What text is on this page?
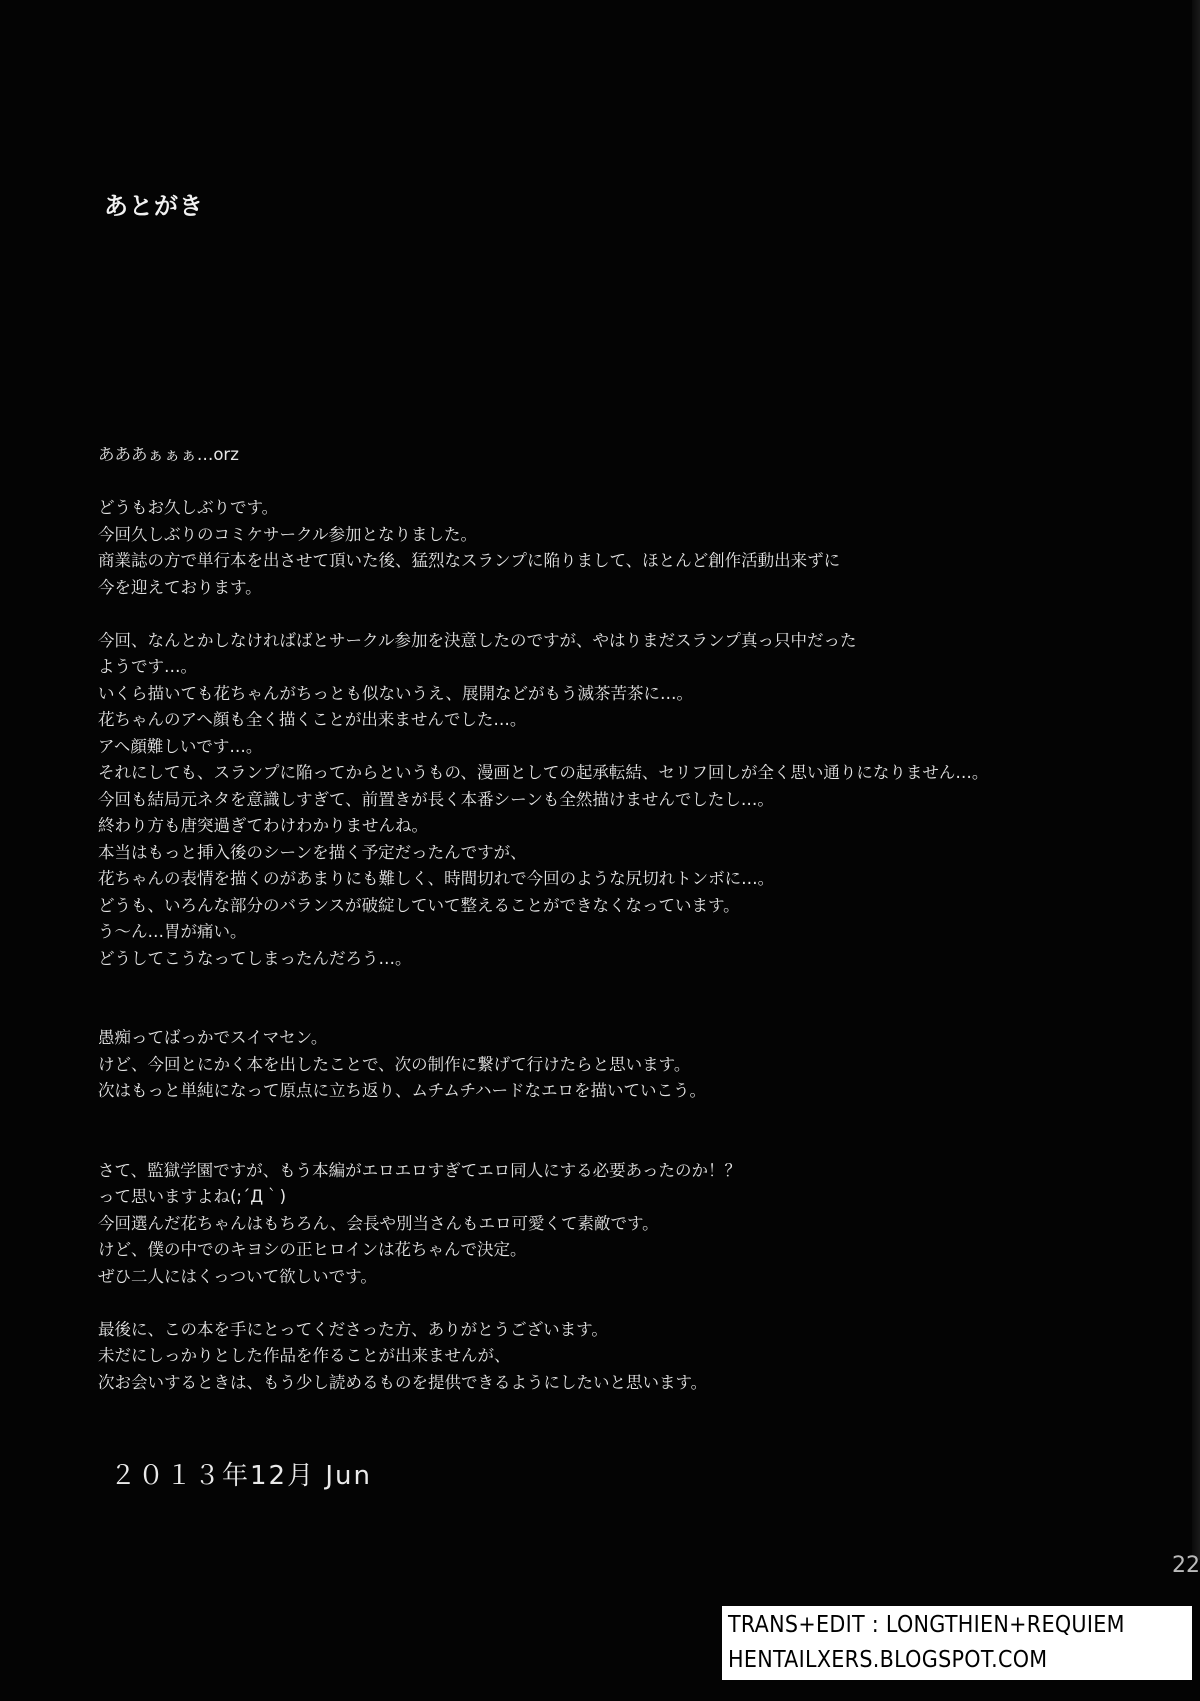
あとがき
あああぁぁぁ…orz
どうもお久しぶりです。
今回久しぶりのコミケサークル参加となりました。
商業誌の方で単行本を出させて頂いた後、猛烈なスランプに陥りまして、ほとんど創作活動出来ずに
今を迎えております。
今回、なんとかしなければばとサークル参加を決意したのですが、やはりまだスランプ真っ只中だった
ようです…。
いくら描いても花ちゃんがちっとも似ないうえ、展開などがもう滅茶苦茶に…。
花ちゃんのアヘ顔も全く描くことが出来ませんでした…。
アヘ顔難しいです…。
それにしても、スランプに陥ってからというもの、漫画としての起承転結、セリフ回しが全く思い通りになりません…。
今回も結局元ネタを意識しすぎて、前置きが長く本番シーンも全然描けませんでしたし…。
終わり方も唐突過ぎてわけわかりませんね。
本当はもっと挿入後のシーンを描く予定だったんですが、
花ちゃんの表情を描くのがあまりにも難しく、時間切れで今回のような尻切れトンボに…。
どうも、いろんな部分のバランスが破綻していて整えることができなくなっています。
う～ん…胃が痛い。
どうしてこうなってしまったんだろう…。
愚痴ってばっかでスイマセン。
けど、今回とにかく本を出したことで、次の制作に繋げて行けたらと思います。
次はもっと単純になって原点に立ち返り、ムチムチハードなエロを描いていこう。
さて、監獄学園ですが、もう本編がエロエロすぎてエロ同人にする必要あったのか！？
って思いますよね(;´Д｀)
今回選んだ花ちゃんはもちろん、会長や別当さんもエロ可愛くて素敵です。
けど、僕の中でのキヨシの正ヒロインは花ちゃんで決定。
ぜひ二人にはくっついて欲しいです。
最後に、この本を手にとってくださった方、ありがとうございます。
未だにしっかりとした作品を作ることが出来ませんが、
次お会いするときは、もう少し読めるものを提供できるようにしたいと思います。
２０１３年12月 Jun
22
TRANS+EDIT : LONGTHIEN+REQUIEM
HENTAILXERS.BLOGSPOT.COM
